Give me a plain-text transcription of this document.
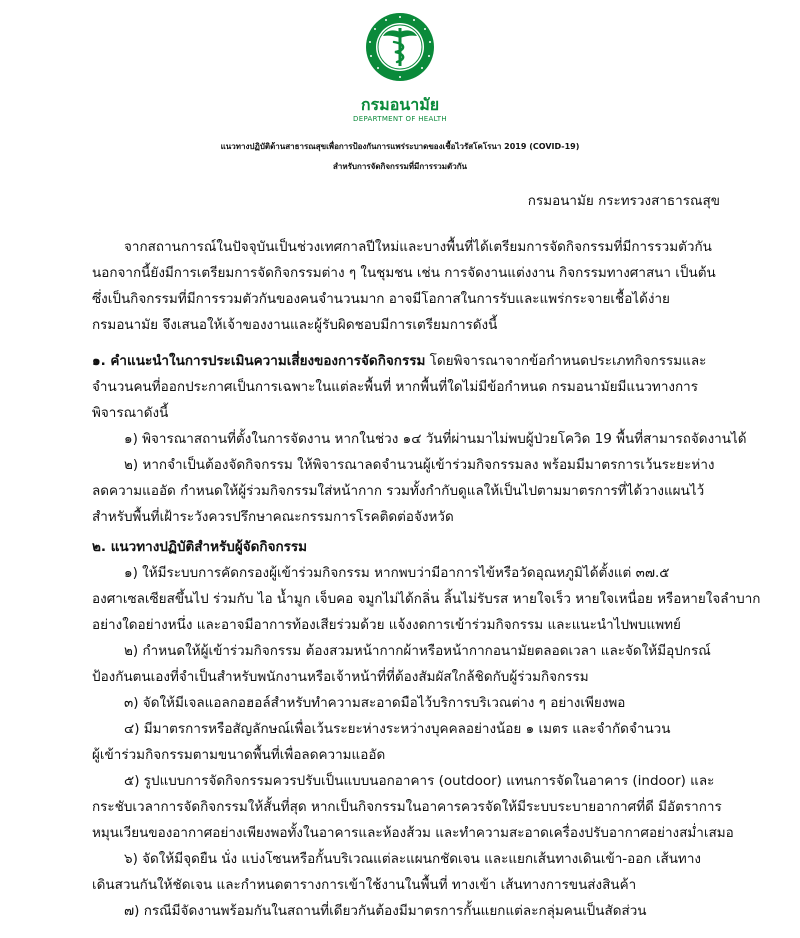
กรมอนามัย
DEPARTMENT OF HEALTH
แนวทางปฏิบัติด้านสาธารณสุขเพื่อการป้องกันการแพร่ระบาดของเชื้อไวรัสโคโรนา 2019 (COVID-19)
สำหรับการจัดกิจกรรมที่มีการรวมตัวกัน
กรมอนามัย กระทรวงสาธารณสุข
จากสถานการณ์ในปัจจุบันเป็นช่วงเทศกาลปีใหม่และบางพื้นที่ได้เตรียมการจัดกิจกรรมที่มีการรวมตัวกัน
นอกจากนี้ยังมีการเตรียมการจัดกิจกรรมต่าง ๆ ในชุมชน เช่น การจัดงานแต่งงาน กิจกรรมทางศาสนา เป็นต้น
ซึ่งเป็นกิจกรรมที่มีการรวมตัวกันของคนจำนวนมาก อาจมีโอกาสในการรับและแพร่กระจายเชื้อได้ง่าย
กรมอนามัย จึงเสนอให้เจ้าของงานและผู้รับผิดชอบมีการเตรียมการดังนี้
๑. คำแนะนำในการประเมินความเสี่ยงของการจัดกิจกรรม โดยพิจารณาจากข้อกำหนดประเภทกิจกรรมและ
จำนวนคนที่ออกประกาศเป็นการเฉพาะในแต่ละพื้นที่ หากพื้นที่ใดไม่มีข้อกำหนด กรมอนามัยมีแนวทางการ
พิจารณาดังนี้
๑) พิจารณาสถานที่ตั้งในการจัดงาน หากในช่วง ๑๔ วันที่ผ่านมาไม่พบผู้ป่วยโควิด 19 พื้นที่สามารถจัดงานได้
๒) หากจำเป็นต้องจัดกิจกรรม ให้พิจารณาลดจำนวนผู้เข้าร่วมกิจกรรมลง พร้อมมีมาตรการเว้นระยะห่าง
ลดความแออัด กำหนดให้ผู้ร่วมกิจกรรมใส่หน้ากาก รวมทั้งกำกับดูแลให้เป็นไปตามมาตรการที่ได้วางแผนไว้
สำหรับพื้นที่เฝ้าระวังควรปรึกษาคณะกรรมการโรคติดต่อจังหวัด
๒. แนวทางปฏิบัติสำหรับผู้จัดกิจกรรม
๑) ให้มีระบบการคัดกรองผู้เข้าร่วมกิจกรรม หากพบว่ามีอาการไข้หรือวัดอุณหภูมิได้ตั้งแต่ ๓๗.๕
องศาเซลเซียสขึ้นไป ร่วมกับ ไอ น้ำมูก เจ็บคอ จมูกไม่ได้กลิ่น ลิ้นไม่รับรส หายใจเร็ว หายใจเหนื่อย หรือหายใจลำบาก
อย่างใดอย่างหนึ่ง และอาจมีอาการท้องเสียร่วมด้วย แจ้งงดการเข้าร่วมกิจกรรม และแนะนำไปพบแพทย์
๒) กำหนดให้ผู้เข้าร่วมกิจกรรม ต้องสวมหน้ากากผ้าหรือหน้ากากอนามัยตลอดเวลา และจัดให้มีอุปกรณ์
ป้องกันตนเองที่จำเป็นสำหรับพนักงานหรือเจ้าหน้าที่ที่ต้องสัมผัสใกล้ชิดกับผู้ร่วมกิจกรรม
๓) จัดให้มีเจลแอลกอฮอล์สำหรับทำความสะอาดมือไว้บริการบริเวณต่าง ๆ อย่างเพียงพอ
๔) มีมาตรการหรือสัญลักษณ์เพื่อเว้นระยะห่างระหว่างบุคคลอย่างน้อย ๑ เมตร และจำกัดจำนวน
ผู้เข้าร่วมกิจกรรมตามขนาดพื้นที่เพื่อลดความแออัด
๕) รูปแบบการจัดกิจกรรมควรปรับเป็นแบบนอกอาคาร (outdoor) แทนการจัดในอาคาร (indoor) และ
กระชับเวลาการจัดกิจกรรมให้สั้นที่สุด หากเป็นกิจกรรมในอาคารควรจัดให้มีระบบระบายอากาศที่ดี มีอัตราการ
หมุนเวียนของอากาศอย่างเพียงพอทั้งในอาคารและห้องส้วม และทำความสะอาดเครื่องปรับอากาศอย่างสม่ำเสมอ
๖) จัดให้มีจุดยืน นั่ง แบ่งโซนหรือกั้นบริเวณแต่ละแผนกชัดเจน และแยกเส้นทางเดินเข้า-ออก เส้นทาง
เดินสวนกันให้ชัดเจน และกำหนดตารางการเข้าใช้งานในพื้นที่ ทางเข้า เส้นทางการขนส่งสินค้า
๗) กรณีมีจัดงานพร้อมกันในสถานที่เดียวกันต้องมีมาตรการกั้นแยกแต่ละกลุ่มคนเป็นสัดส่วน
